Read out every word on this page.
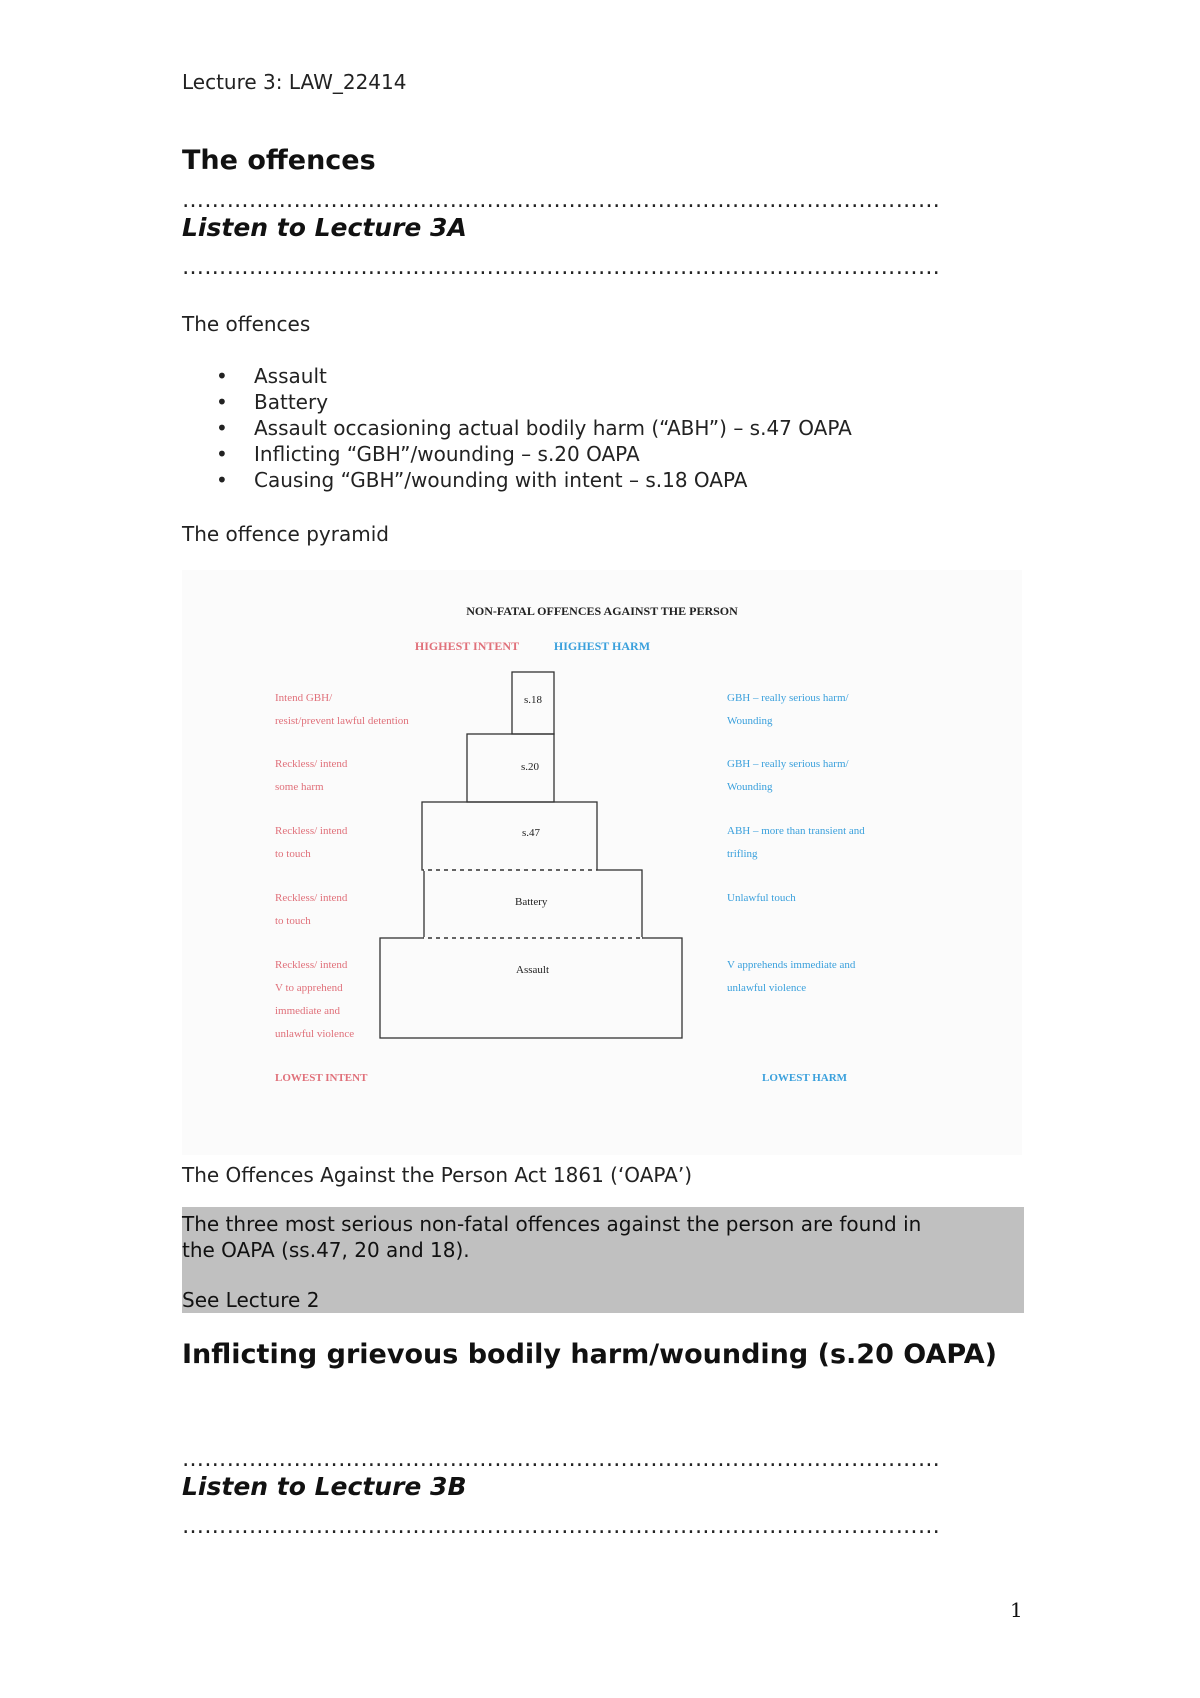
Lecture 3: LAW_22414
The offences
…………………………………………………………………………………………
Listen to Lecture 3A
…………………………………………………………………………………………
The offences
• Assault
• Battery
• Assault occasioning actual bodily harm (“ABH”) – s.47 OAPA
• Inflicting “GBH”/wounding – s.20 OAPA
• Causing “GBH”/wounding with intent – s.18 OAPA
The offence pyramid
NON-FATAL OFFENCES AGAINST THE PERSON
HIGHEST INTENT	HIGHEST HARM
s.18
s.20
s.47
Battery
Assault
Intend GBH/
resist/prevent lawful detention
Reckless/ intend
some harm
Reckless/ intend
to touch
Reckless/ intend
to touch
Reckless/ intend
V to apprehend
immediate and
unlawful violence
GBH – really serious harm/
Wounding
GBH – really serious harm/
Wounding
ABH – more than transient and
trifling
Unlawful touch
V apprehends immediate and
unlawful violence
LOWEST INTENT	LOWEST HARM
The Offences Against the Person Act 1861 (‘OAPA’)
The three most serious non-fatal offences against the person are found in
the OAPA (ss.47, 20 and 18).
See Lecture 2
Inflicting grievous bodily harm/wounding (s.20 OAPA)
…………………………………………………………………………………………
Listen to Lecture 3B
…………………………………………………………………………………………
1
